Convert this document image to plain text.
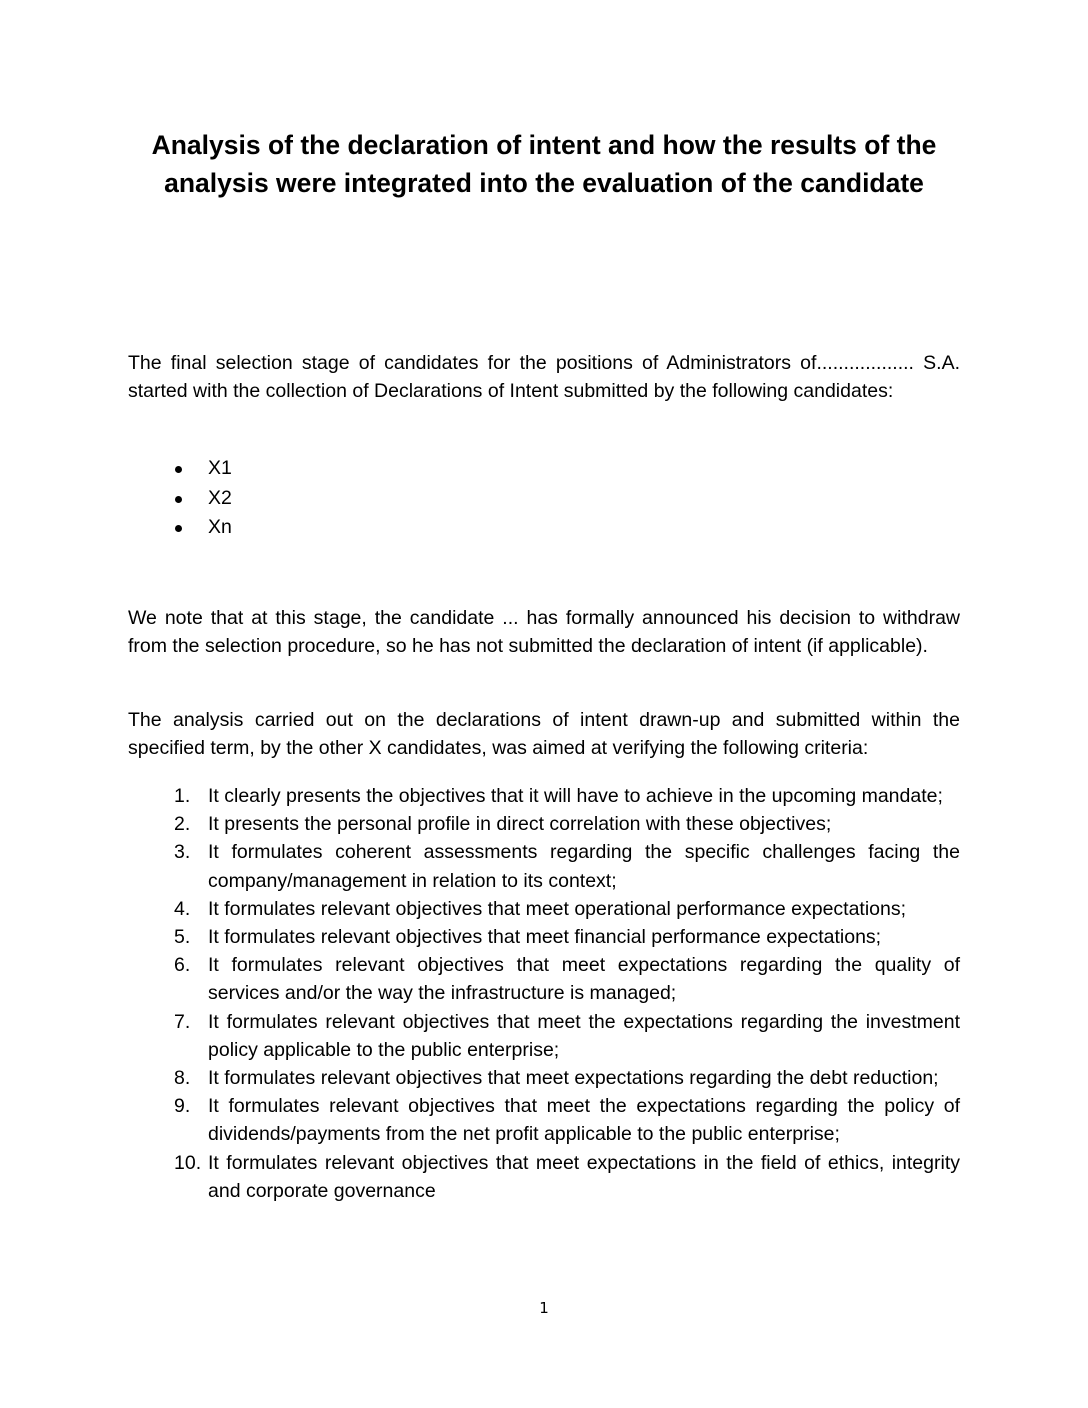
Analysis of the declaration of intent and how the results of the analysis were integrated into the evaluation of the candidate

The final selection stage of candidates for the positions of Administrators of.................. S.A. started with the collection of Declarations of Intent submitted by the following candidates:

X1
X2
Xn

We note that at this stage, the candidate ... has formally announced his decision to withdraw from the selection procedure, so he has not submitted the declaration of intent (if applicable).

The analysis carried out on the declarations of intent drawn-up and submitted within the specified term, by the other X candidates, was aimed at verifying the following criteria:

1. It clearly presents the objectives that it will have to achieve in the upcoming mandate;
2. It presents the personal profile in direct correlation with these objectives;
3. It formulates coherent assessments regarding the specific challenges facing the company/management in relation to its context;
4. It formulates relevant objectives that meet operational performance expectations;
5. It formulates relevant objectives that meet financial performance expectations;
6. It formulates relevant objectives that meet expectations regarding the quality of services and/or the way the infrastructure is managed;
7. It formulates relevant objectives that meet the expectations regarding the investment policy applicable to the public enterprise;
8. It formulates relevant objectives that meet expectations regarding the debt reduction;
9. It formulates relevant objectives that meet the expectations regarding the policy of dividends/payments from the net profit applicable to the public enterprise;
10. It formulates relevant objectives that meet expectations in the field of ethics, integrity and corporate governance

1
